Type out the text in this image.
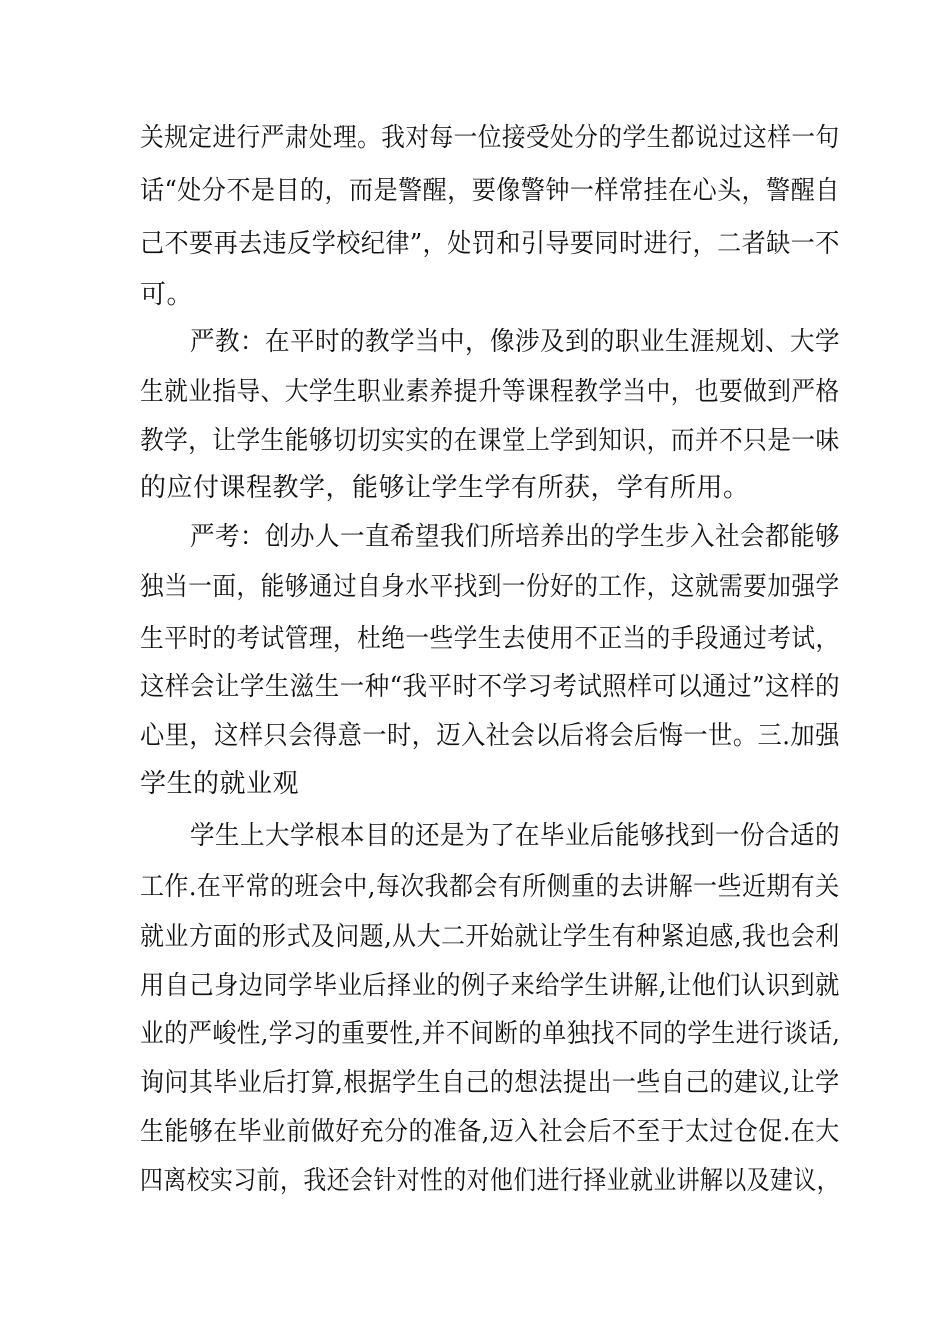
关规定进行严肃处理。我对每一位接受处分的学生都说过这样一句
话“处分不是目的，而是警醒，要像警钟一样常挂在心头，警醒自
己不要再去违反学校纪律”，处罚和引导要同时进行，二者缺一不
可。
严教：在平时的教学当中，像涉及到的职业生涯规划、大学
生就业指导、大学生职业素养提升等课程教学当中，也要做到严格
教学，让学生能够切切实实的在课堂上学到知识，而并不只是一味
的应付课程教学，能够让学生学有所获，学有所用。
严考：创办人一直希望我们所培养出的学生步入社会都能够
独当一面，能够通过自身水平找到一份好的工作，这就需要加强学
生平时的考试管理，杜绝一些学生去使用不正当的手段通过考试，
这样会让学生滋生一种“我平时不学习考试照样可以通过”这样的
心里，这样只会得意一时，迈入社会以后将会后悔一世。三.加强
学生的就业观
学生上大学根本目的还是为了在毕业后能够找到一份合适的
工作.在平常的班会中,每次我都会有所侧重的去讲解一些近期有关
就业方面的形式及问题,从大二开始就让学生有种紧迫感,我也会利
用自己身边同学毕业后择业的例子来给学生讲解,让他们认识到就
业的严峻性,学习的重要性,并不间断的单独找不同的学生进行谈话,
询问其毕业后打算,根据学生自己的想法提出一些自己的建议,让学
生能够在毕业前做好充分的准备,迈入社会后不至于太过仓促.在大
四离校实习前，我还会针对性的对他们进行择业就业讲解以及建议，
